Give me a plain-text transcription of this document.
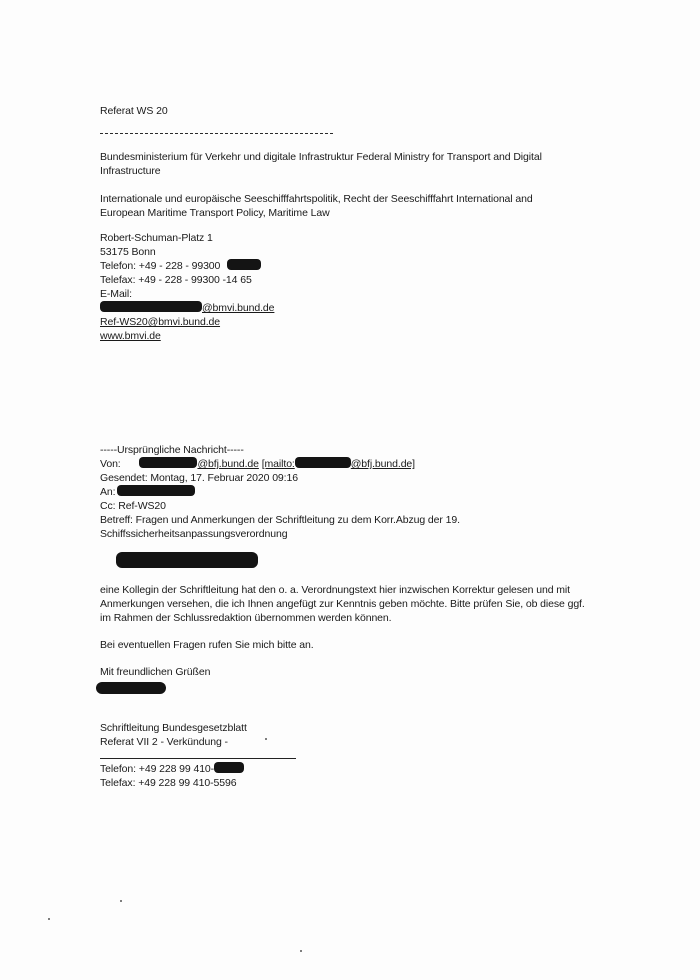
Referat WS 20
Bundesministerium für Verkehr und digitale Infrastruktur Federal Ministry for Transport and Digital Infrastructure
Internationale und europäische Seeschifffahrtspolitik, Recht der Seeschifffahrt International and European Maritime Transport Policy, Maritime Law
Robert-Schuman-Platz 1
53175 Bonn
Telefon: +49 - 228 - 99300
Telefax: +49 - 228 - 99300 -14 65
E-Mail:
@bmvi.bund.de
Ref-WS20@bmvi.bund.de
www.bmvi.de
-----Ursprüngliche Nachricht-----
Von:	@bfj.bund.de [mailto:	@bfj.bund.de]
Gesendet: Montag, 17. Februar 2020 09:16
An:
Cc: Ref-WS20
Betreff: Fragen und Anmerkungen der Schriftleitung zu dem Korr.Abzug der 19. Schiffssicherheitsanpassungsverordnung
eine Kollegin der Schriftleitung hat den o. a. Verordnungstext hier inzwischen Korrektur gelesen und mit Anmerkungen versehen, die ich Ihnen angefügt zur Kenntnis geben möchte. Bitte prüfen Sie, ob diese ggf. im Rahmen der Schlussredaktion übernommen werden können.
Bei eventuellen Fragen rufen Sie mich bitte an.
Mit freundlichen Grüßen
Schriftleitung Bundesgesetzblatt
Referat VII 2 - Verkündung -
Telefon: +49 228 99 410-
Telefax: +49 228 99 410-5596
